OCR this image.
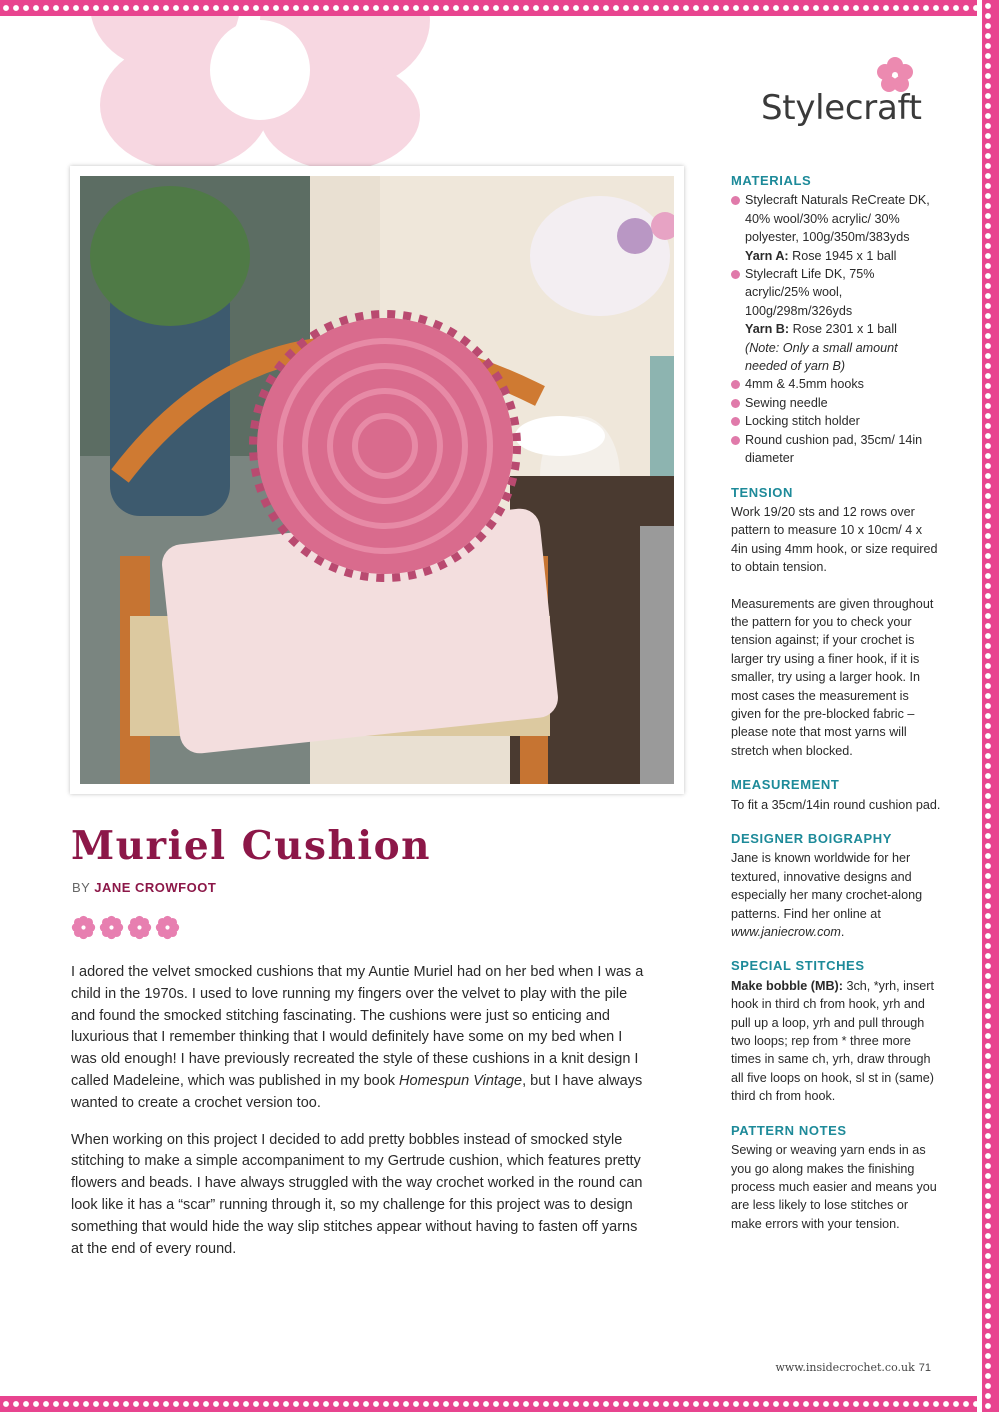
Stylecraft
Muriel Cushion
BY JANE CROWFOOT

I adored the velvet smocked cushions that my Auntie Muriel had on her bed when I was a child in the 1970s. I used to love running my fingers over the velvet to play with the pile and found the smocked stitching fascinating. The cushions were just so enticing and luxurious that I remember thinking that I would definitely have some on my bed when I was old enough! I have previously recreated the style of these cushions in a knit design I called Madeleine, which was published in my book Homespun Vintage, but I have always wanted to create a crochet version too.

When working on this project I decided to add pretty bobbles instead of smocked style stitching to make a simple accompaniment to my Gertrude cushion, which features pretty flowers and beads. I have always struggled with the way crochet worked in the round can look like it has a “scar” running through it, so my challenge for this project was to design something that would hide the way slip stitches appear without having to fasten off yarns at the end of every round.

MATERIALS
Stylecraft Naturals ReCreate DK, 40% wool/30% acrylic/ 30% polyester, 100g/350m/383yds
Yarn A: Rose 1945 x 1 ball
Stylecraft Life DK, 75% acrylic/25% wool, 100g/298m/326yds
Yarn B: Rose 2301 x 1 ball
(Note: Only a small amount needed of yarn B)
4mm & 4.5mm hooks
Sewing needle
Locking stitch holder
Round cushion pad, 35cm/ 14in diameter
TENSION

Work 19/20 sts and 12 rows over pattern to measure 10 x 10cm/ 4 x 4in using 4mm hook, or size required to obtain tension.

Measurements are given throughout the pattern for you to check your tension against; if your crochet is larger try using a finer hook, if it is smaller, try using a larger hook. In most cases the measurement is given for the pre-blocked fabric – please note that most yarns will stretch when blocked.

MEASUREMENT

To fit a 35cm/14in round cushion pad.

DESIGNER BOIGRAPHY

Jane is known worldwide for her textured, innovative designs and especially her many crochet-along patterns. Find her online at www.janiecrow.com.

SPECIAL STITCHES

Make bobble (MB): 3ch, *yrh, insert hook in third ch from hook, yrh and pull up a loop, yrh and pull through two loops; rep from * three more times in same ch, yrh, draw through all five loops on hook, sl st in (same) third ch from hook.

PATTERN NOTES

Sewing or weaving yarn ends in as you go along makes the finishing process much easier and means you are less likely to lose stitches or make errors with your tension.

www.insidecrochet.co.uk 71
